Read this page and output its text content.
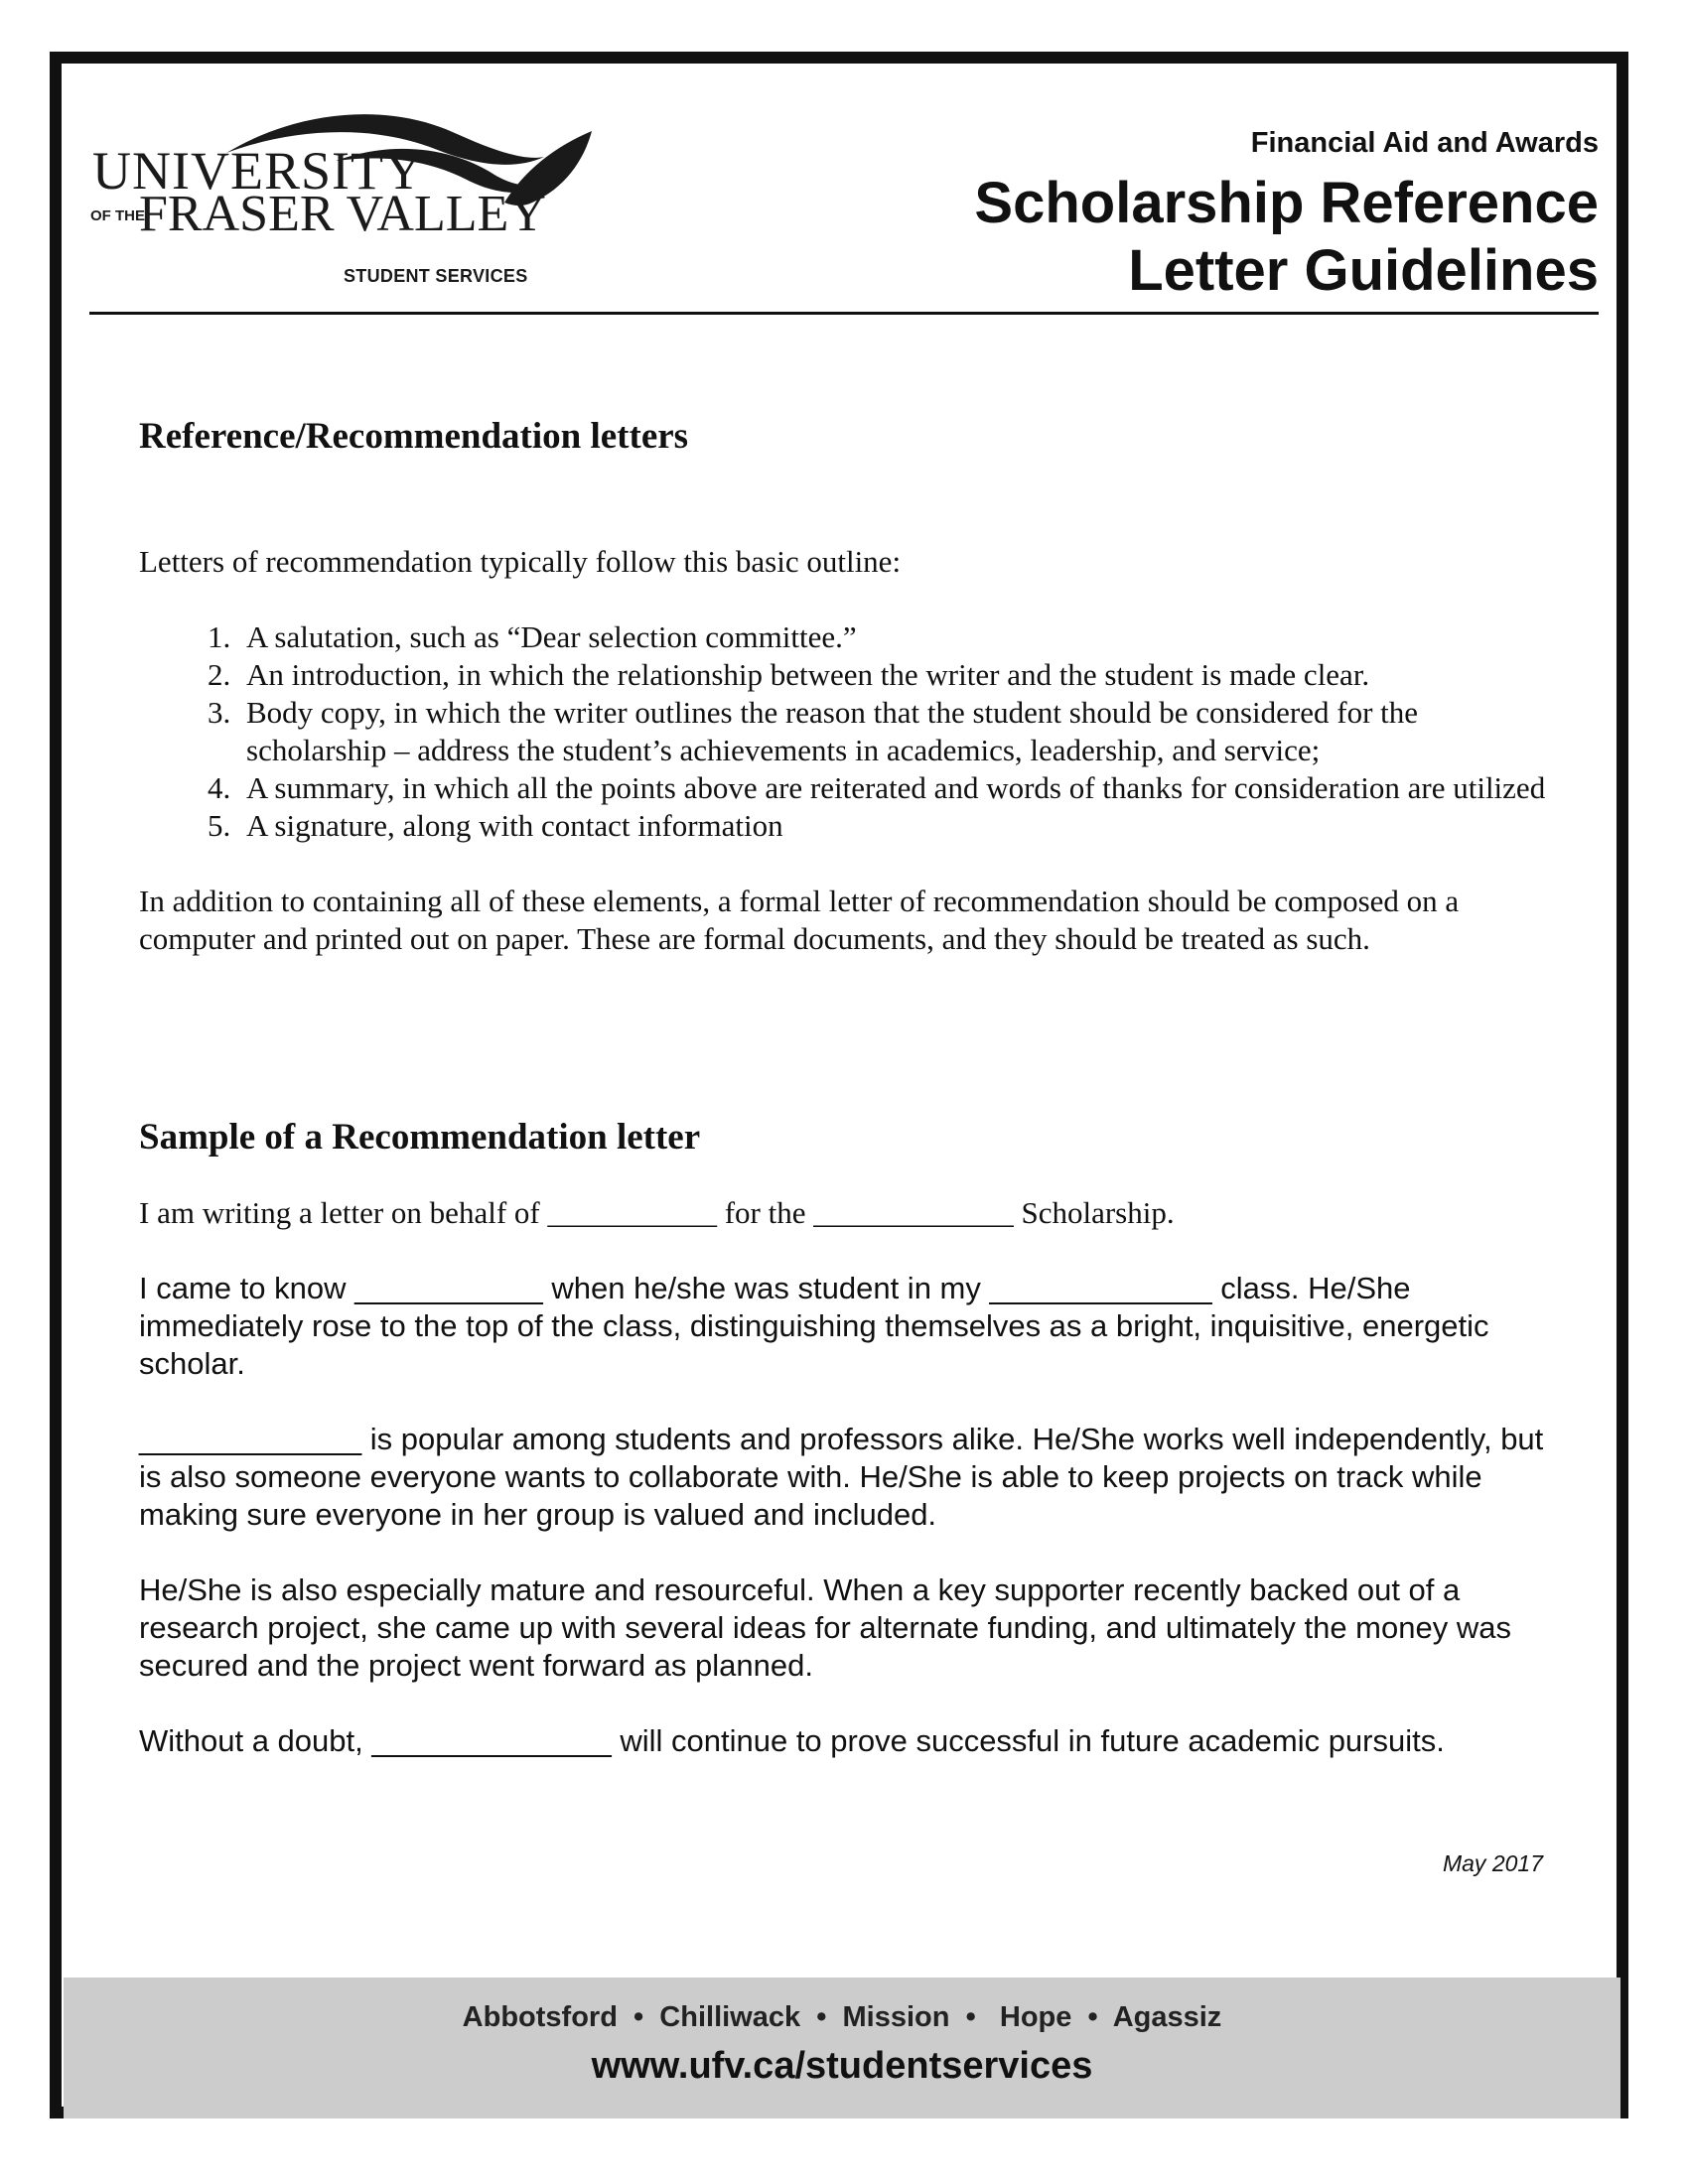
UNIVERSITY
OF THE
FRASER VALLEY
STUDENT SERVICES
Financial Aid and Awards
Scholarship Reference
Letter Guidelines
Reference/Recommendation letters

Letters of recommendation typically follow this basic outline:

1. A salutation, such as “Dear selection committee.”
2. An introduction, in which the relationship between the writer and the student is made clear.
3. Body copy, in which the writer outlines the reason that the student should be considered for the scholarship – address the student’s achievements in academics, leadership, and service;
4. A summary, in which all the points above are reiterated and words of thanks for consideration are utilized
5. A signature, along with contact information

In addition to containing all of these elements, a formal letter of recommendation should be composed on a computer and printed out on paper. These are formal documents, and they should be treated as such.

Sample of a Recommendation letter

I am writing a letter on behalf of ___________ for the _____________ Scholarship.

I came to know ___________ when he/she was student in my _____________ class. He/She immediately rose to the top of the class, distinguishing themselves as a bright, inquisitive, energetic scholar.

_____________ is popular among students and professors alike. He/She works well independently, but is also someone everyone wants to collaborate with. He/She is able to keep projects on track while making sure everyone in her group is valued and included.

He/She is also especially mature and resourceful. When a key supporter recently backed out of a research project, she came up with several ideas for alternate funding, and ultimately the money was secured and the project went forward as planned.

Without a doubt, ______________ will continue to prove successful in future academic pursuits.

May 2017
Abbotsford  •  Chilliwack  •  Mission  •   Hope  •  Agassiz
www.ufv.ca/studentservices
